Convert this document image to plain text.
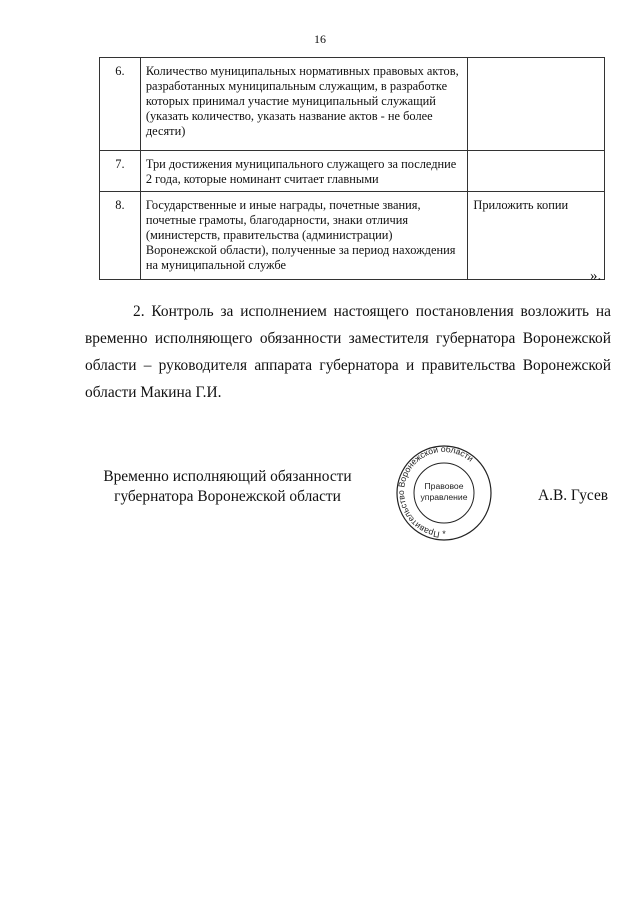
16
6.	Количество муниципальных нормативных правовых актов, разработанных муниципальным служащим, в разработке которых принимал участие муниципальный служащий (указать количество, указать название актов - не более десяти)	
7.	Три достижения муниципального служащего за последние 2 года, которые номинант считает главными	
8.	Государственные и иные награды, почетные звания, почетные грамоты, благодарности, знаки отличия (министерств, правительства (администрации) Воронежской области), полученные за период нахождения на муниципальной службе	Приложить копии
».
2. Контроль за исполнением настоящего постановления возложить на временно исполняющего обязанности заместителя губернатора Воронежской области – руководителя аппарата губернатора и правительства Воронежской области Макина Г.И.
Временно исполняющий обязанности
губернатора Воронежской области
Правительство Воронежской области
Правовое
управление
*
А.В. Гусев
